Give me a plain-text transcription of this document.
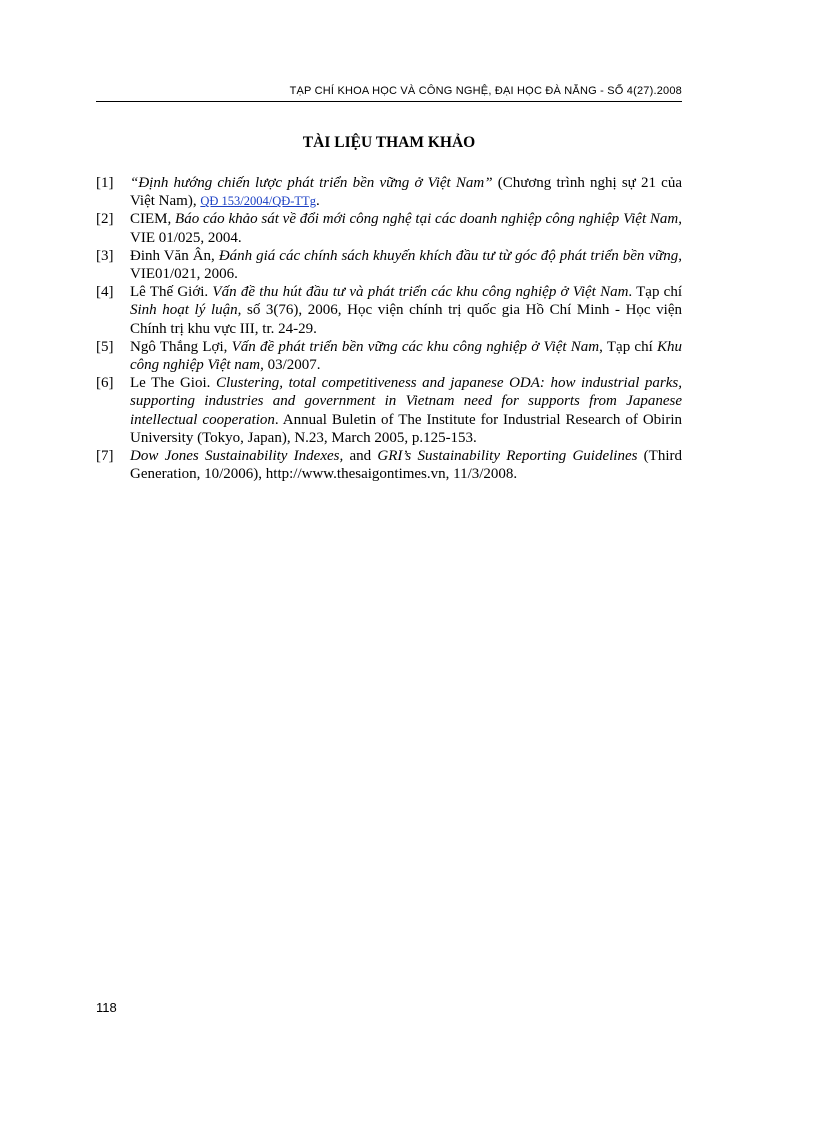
TẠP CHÍ KHOA HỌC VÀ CÔNG NGHỆ, ĐẠI HỌC ĐÀ NẴNG - SỐ 4(27).2008
TÀI LIỆU THAM KHẢO
[1]	“Định hướng chiến lược phát triển bền vững ở Việt Nam” (Chương trình nghị sự 21 của Việt Nam), QĐ 153/2004/QĐ-TTg.
[2]	CIEM, Báo cáo khảo sát về đổi mới công nghệ tại các doanh nghiệp công nghiệp Việt Nam, VIE 01/025, 2004.
[3]	Đinh Văn Ân, Đánh giá các chính sách khuyến khích đầu tư từ góc độ phát triển bền vững, VIE01/021, 2006.
[4]	Lê Thế Giới. Vấn đề thu hút đầu tư và phát triển các khu công nghiệp ở Việt Nam. Tạp chí Sinh hoạt lý luận, số 3(76), 2006, Học viện chính trị quốc gia Hồ Chí Minh - Học viện Chính trị khu vực III, tr. 24-29.
[5]	Ngô Thắng Lợi, Vấn đề phát triển bền vững các khu công nghiệp ở Việt Nam, Tạp chí Khu công nghiệp Việt nam, 03/2007.
[6]	Le The Gioi. Clustering, total competitiveness and japanese ODA: how industrial parks, supporting industries and government in Vietnam need for supports from Japanese intellectual cooperation. Annual Buletin of The Institute for Industrial Research of Obirin University (Tokyo, Japan), N.23, March 2005, p.125-153.
[7]	Dow Jones Sustainability Indexes, and GRI’s Sustainability Reporting Guidelines (Third Generation, 10/2006), http://www.thesaigontimes.vn, 11/3/2008.
118
